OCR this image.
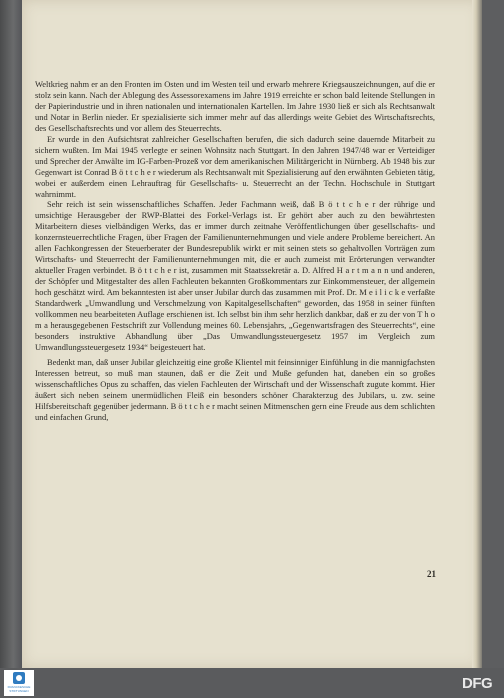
Weltkrieg nahm er an den Fronten im Osten und im Westen teil und erwarb mehrere Kriegsauszeichnungen, auf die er stolz sein kann. Nach der Ablegung des Assessorexamens im Jahre 1919 erreichte er schon bald leitende Stellungen in der Papierindustrie und in ihren nationalen und internationalen Kartellen. Im Jahre 1930 ließ er sich als Rechtsanwalt und Notar in Berlin nieder. Er spezialisierte sich immer mehr auf das allerdings weite Gebiet des Wirtschaftsrechts, des Gesellschaftsrechts und vor allem des Steuerrechts.

Er wurde in den Aufsichtsrat zahlreicher Gesellschaften berufen, die sich dadurch seine dauernde Mitarbeit zu sichern wußten. Im Mai 1945 verlegte er seinen Wohnsitz nach Stuttgart. In den Jahren 1947/48 war er Verteidiger und Sprecher der Anwälte im IG-Farben-Prozeß vor dem amerikanischen Militärgericht in Nürnberg. Ab 1948 bis zur Gegenwart ist Conrad B ö t t c h e r wiederum als Rechtsanwalt mit Spezialisierung auf den erwähnten Gebieten tätig, wobei er außerdem einen Lehrauftrag für Gesellschafts- u. Steuerrecht an der Techn. Hochschule in Stuttgart wahrnimmt.

Sehr reich ist sein wissenschaftliches Schaffen. Jeder Fachmann weiß, daß B ö t t c h e r der rührige und umsichtige Herausgeber der RWP-Blattei des Forkel-Verlags ist. Er gehört aber auch zu den bewährtesten Mitarbeitern dieses vielbändigen Werks, das er immer durch zeitnahe Veröffentlichungen über gesellschafts- und konzernsteuerrechtliche Fragen, über Fragen der Familienunternehmungen und viele andere Probleme bereichert. An allen Fachkongressen der Steuerberater der Bundesrepublik wirkt er mit seinen stets so gehaltvollen Vorträgen zum Wirtschafts- und Steuerrecht der Familienunternehmungen mit, die er auch zumeist mit Erörterungen verwandter aktueller Fragen verbindet. B ö t t c h e r ist, zusammen mit Staatssekretär a. D. Alfred H a r t m a n n und anderen, der Schöpfer und Mitgestalter des allen Fachleuten bekannten Großkommentars zur Einkommensteuer, der allgemein hoch geschätzt wird. Am bekanntesten ist aber unser Jubilar durch das zusammen mit Prof. Dr. M e i l i c k e verfaßte Standardwerk „Umwandlung und Verschmelzung von Kapitalgesellschaften“ geworden, das 1958 in seiner fünften vollkommen neu bearbeiteten Auflage erschienen ist. Ich selbst bin ihm sehr herzlich dankbar, daß er zu der von T h o m a herausgegebenen Festschrift zur Vollendung meines 60. Lebensjahrs, „Gegenwartsfragen des Steuerrechts“, eine besonders instruktive Abhandlung über „Das Umwandlungssteuergesetz 1957 im Vergleich zum Umwandlungssteuergesetz 1934“ beigesteuert hat.

Bedenkt man, daß unser Jubilar gleichzeitig eine große Klientel mit feinsinniger Einfühlung in die mannigfachsten Interessen betreut, so muß man staunen, daß er die Zeit und Muße gefunden hat, daneben ein so großes wissenschaftliches Opus zu schaffen, das vielen Fachleuten der Wirtschaft und der Wissenschaft zugute kommt. Hier äußert sich neben seinem unermüdlichen Fleiß ein besonders schöner Charakterzug des Jubilars, u. zw. seine Hilfsbereitschaft gegenüber jedermann. B ö t t c h e r macht seinen Mitmenschen gern eine Freude aus dem schlichten und einfachen Grund,

21
FRANCKESCHE STIFTUNGEN	DFG
